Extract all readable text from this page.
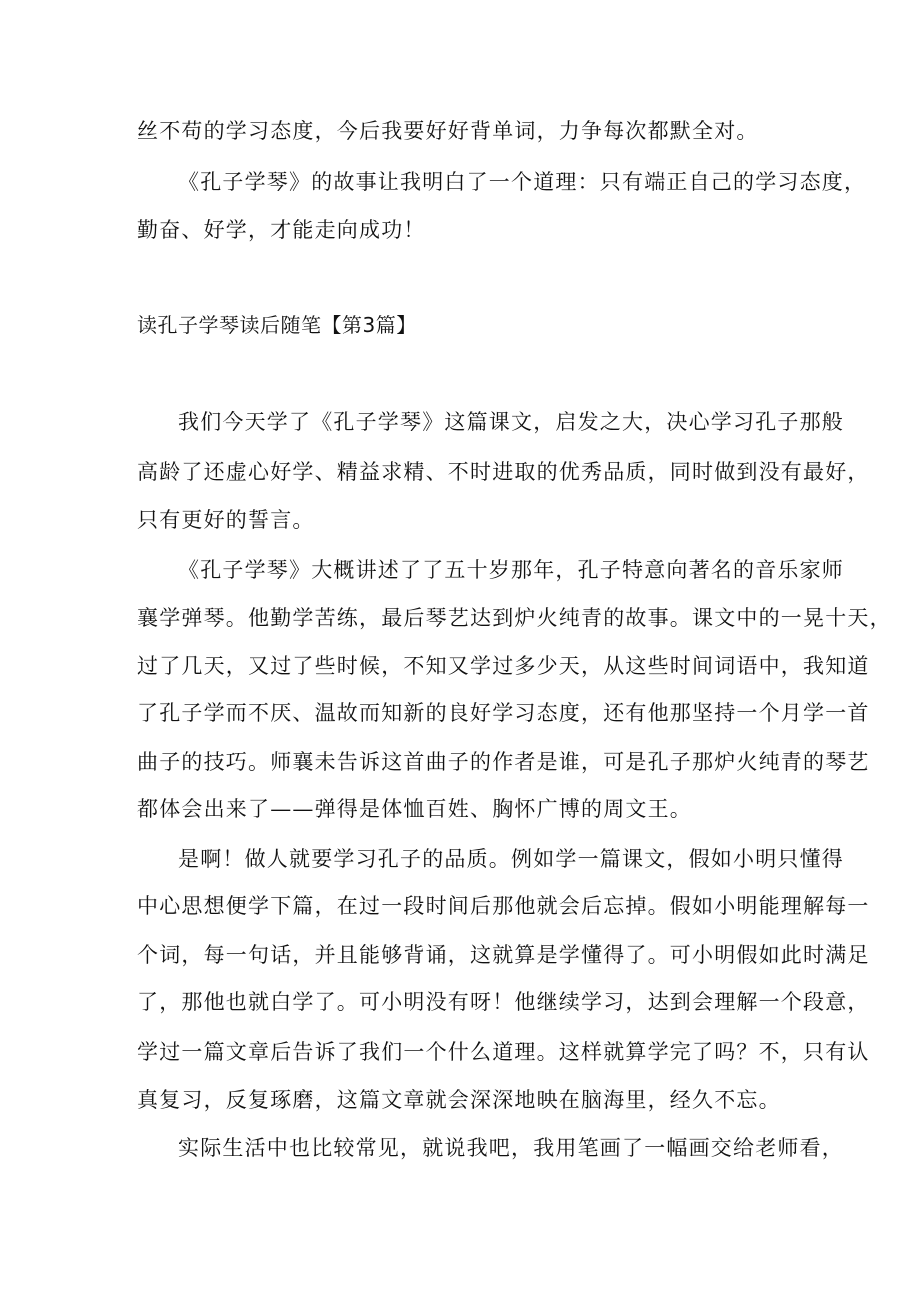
丝不苟的学习态度，今后我要好好背单词，力争每次都默全对。
《孔子学琴》的故事让我明白了一个道理：只有端正自己的学习态度，
勤奋、好学，才能走向成功！
读孔子学琴读后随笔【第3篇】
我们今天学了《孔子学琴》这篇课文，启发之大，决心学习孔子那般
高龄了还虚心好学、精益求精、不时进取的优秀品质，同时做到没有最好，
只有更好的誓言。
《孔子学琴》大概讲述了了五十岁那年，孔子特意向著名的音乐家师
襄学弹琴。他勤学苦练，最后琴艺达到炉火纯青的故事。课文中的一晃十天，
过了几天，又过了些时候，不知又学过多少天，从这些时间词语中，我知道
了孔子学而不厌、温故而知新的良好学习态度，还有他那坚持一个月学一首
曲子的技巧。师襄未告诉这首曲子的作者是谁，可是孔子那炉火纯青的琴艺
都体会出来了——弹得是体恤百姓、胸怀广博的周文王。
是啊！做人就要学习孔子的品质。例如学一篇课文，假如小明只懂得
中心思想便学下篇，在过一段时间后那他就会后忘掉。假如小明能理解每一
个词，每一句话，并且能够背诵，这就算是学懂得了。可小明假如此时满足
了，那他也就白学了。可小明没有呀！他继续学习，达到会理解一个段意，
学过一篇文章后告诉了我们一个什么道理。这样就算学完了吗？不，只有认
真复习，反复琢磨，这篇文章就会深深地映在脑海里，经久不忘。
实际生活中也比较常见，就说我吧，我用笔画了一幅画交给老师看，
